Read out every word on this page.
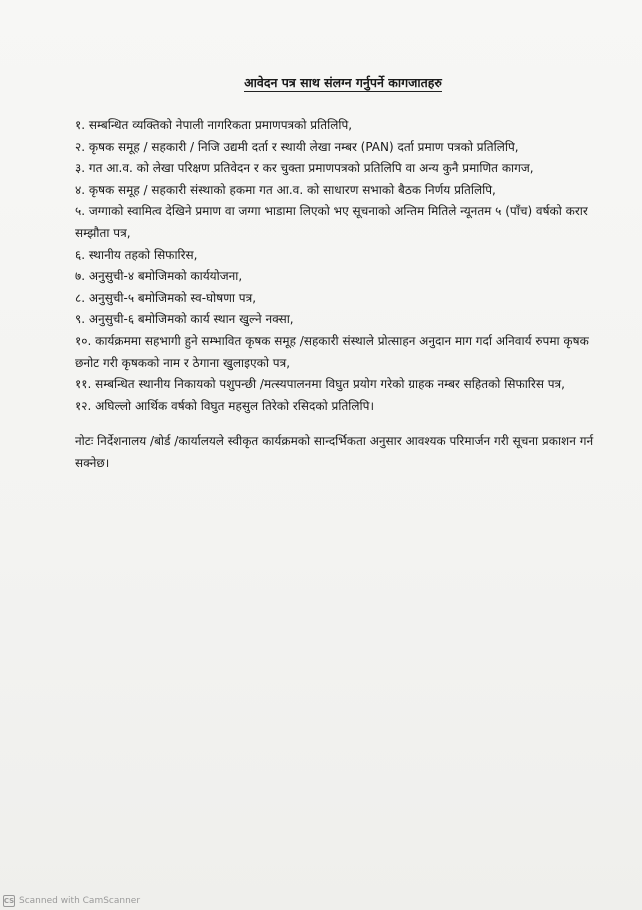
आवेदन पत्र साथ संलग्न गर्नुपर्ने कागजातहरु
१. सम्बन्धित व्यक्तिको नेपाली नागरिकता प्रमाणपत्रको प्रतिलिपि,
२. कृषक समूह / सहकारी / निजि उद्यमी दर्ता र स्थायी लेखा नम्बर (PAN) दर्ता प्रमाण पत्रको प्रतिलिपि,
३. गत आ.व. को लेखा परिक्षण प्रतिवेदन र कर चुक्ता प्रमाणपत्रको प्रतिलिपि वा अन्य कुनै प्रमाणित कागज,
४. कृषक समूह / सहकारी संस्थाको हकमा गत आ.व. को साधारण सभाको बैठक निर्णय प्रतिलिपि,
५. जग्गाको स्वामित्व देखिने प्रमाण वा जग्गा भाडामा लिएको भए सूचनाको अन्तिम मितिले न्यूनतम ५ (पाँच) वर्षको करार सम्झौता पत्र,
६. स्थानीय तहको सिफारिस,
७. अनुसुची-४ बमोजिमको कार्ययोजना,
८. अनुसुची-५ बमोजिमको स्व-घोषणा पत्र,
९. अनुसुची-६ बमोजिमको कार्य स्थान खुल्ने नक्सा,
१०. कार्यक्रममा सहभागी हुने सम्भावित कृषक समूह /सहकारी संस्थाले प्रोत्साहन अनुदान माग गर्दा अनिवार्य रुपमा कृषक छनोट गरी कृषकको नाम र ठेगाना खुलाइएको पत्र,
११. सम्बन्धित स्थानीय निकायको पशुपन्छी /मत्स्यपालनमा विघुत प्रयोग गरेको ग्राहक नम्बर सहितको सिफारिस पत्र,
१२. अघिल्लो आर्थिक वर्षको विघुत महसुल तिरेको रसिदको प्रतिलिपि।
नोटः निर्देशनालय /बोर्ड /कार्यालयले स्वीकृत कार्यक्रमको सान्दर्भिकता अनुसार आवश्यक परिमार्जन गरी सूचना प्रकाशन गर्न सक्नेछ।
CS Scanned with CamScanner
